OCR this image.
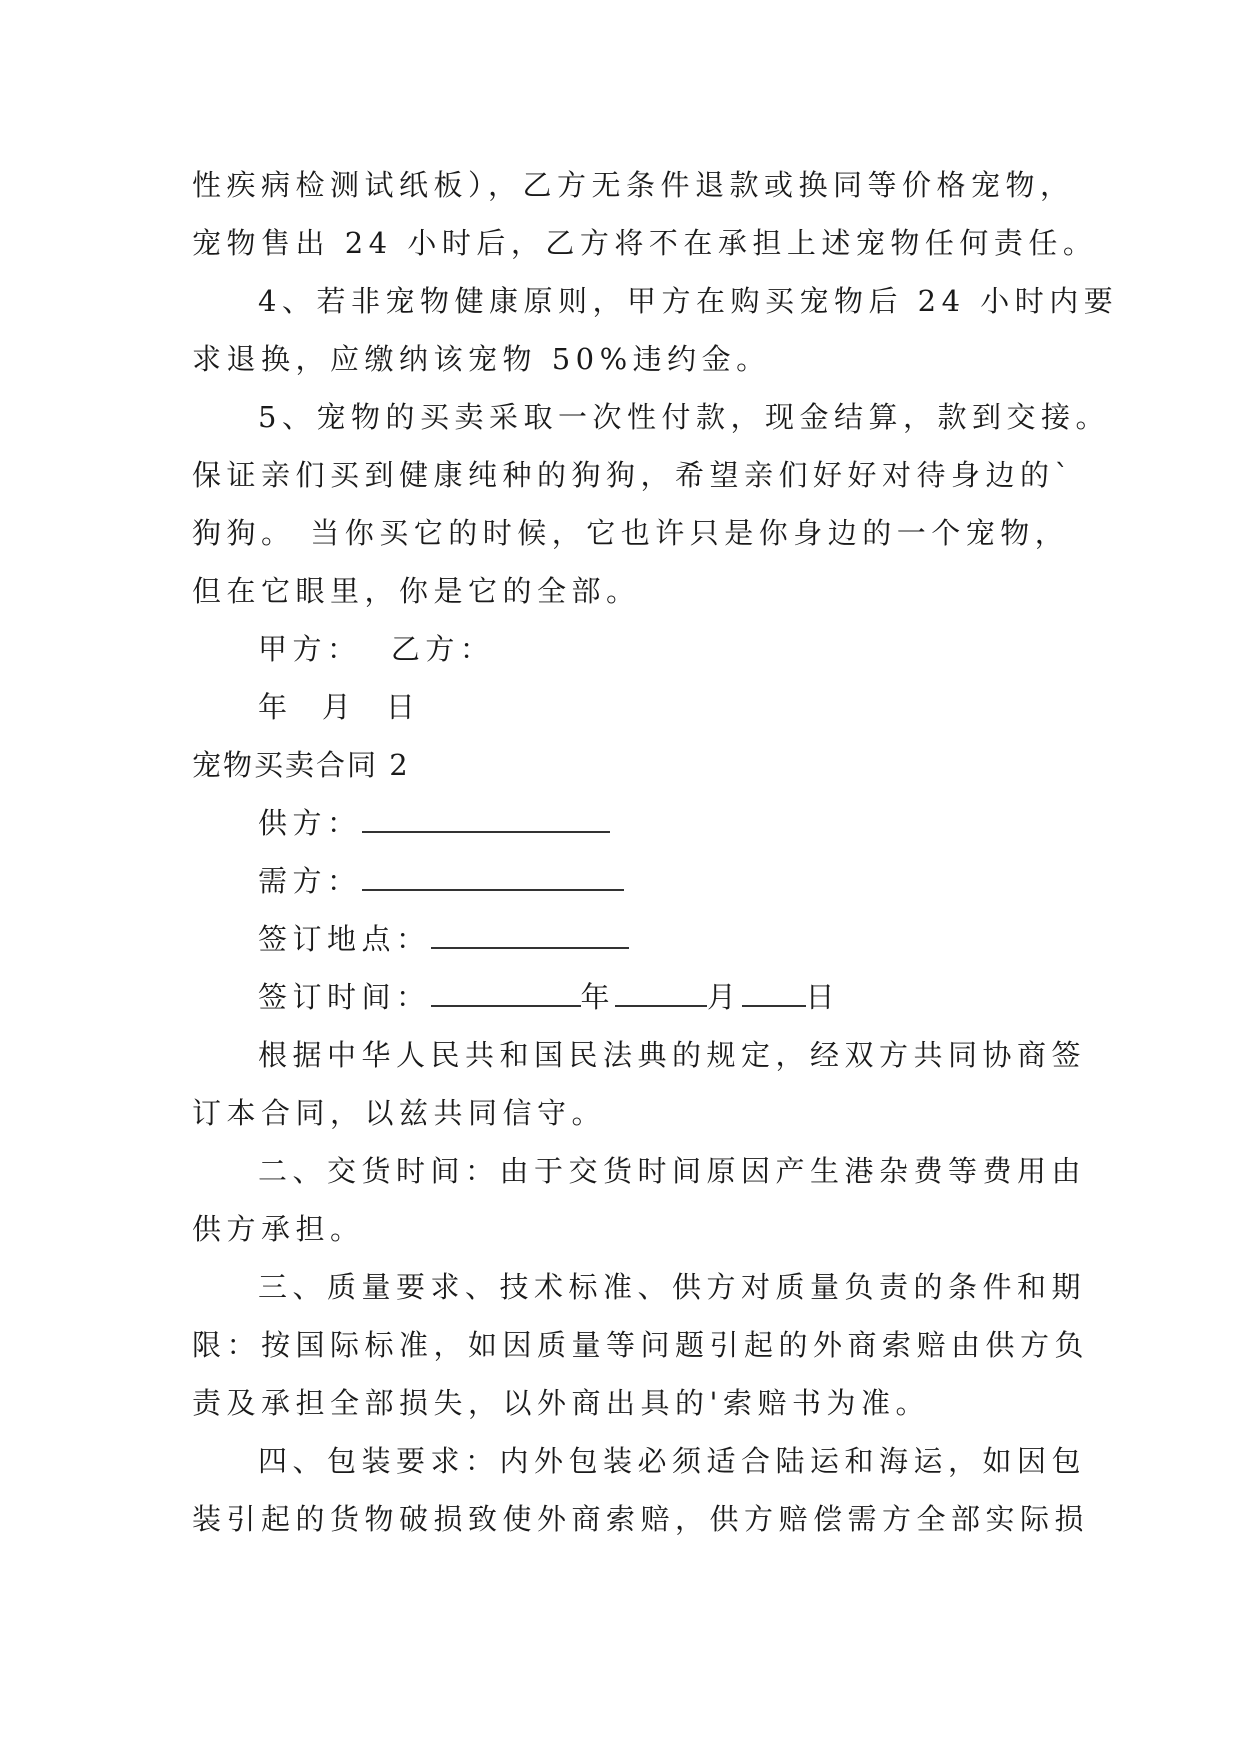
性疾病检测试纸板），乙方无条件退款或换同等价格宠物，

宠物售出 24 小时后，乙方将不在承担上述宠物任何责任。

4、若非宠物健康原则，甲方在购买宠物后 24 小时内要

求退换，应缴纳该宠物 50%违约金。

5、宠物的买卖采取一次性付款，现金结算，款到交接。

保证亲们买到健康纯种的狗狗，希望亲们好好对待身边的`

狗狗。 当你买它的时候，它也许只是你身边的一个宠物，

但在它眼里，你是它的全部。

甲方：  乙方：

年  月  日

宠物买卖合同 2

供方：

需方：

签订地点：

签订时间：	年	月 日

根据中华人民共和国民法典的规定，经双方共同协商签

订本合同，以兹共同信守。

二、交货时间：由于交货时间原因产生港杂费等费用由

供方承担。

三、质量要求、技术标准、供方对质量负责的条件和期

限：按国际标准，如因质量等问题引起的外商索赔由供方负

责及承担全部损失，以外商出具的'索赔书为准。

四、包装要求：内外包装必须适合陆运和海运，如因包

装引起的货物破损致使外商索赔，供方赔偿需方全部实际损
